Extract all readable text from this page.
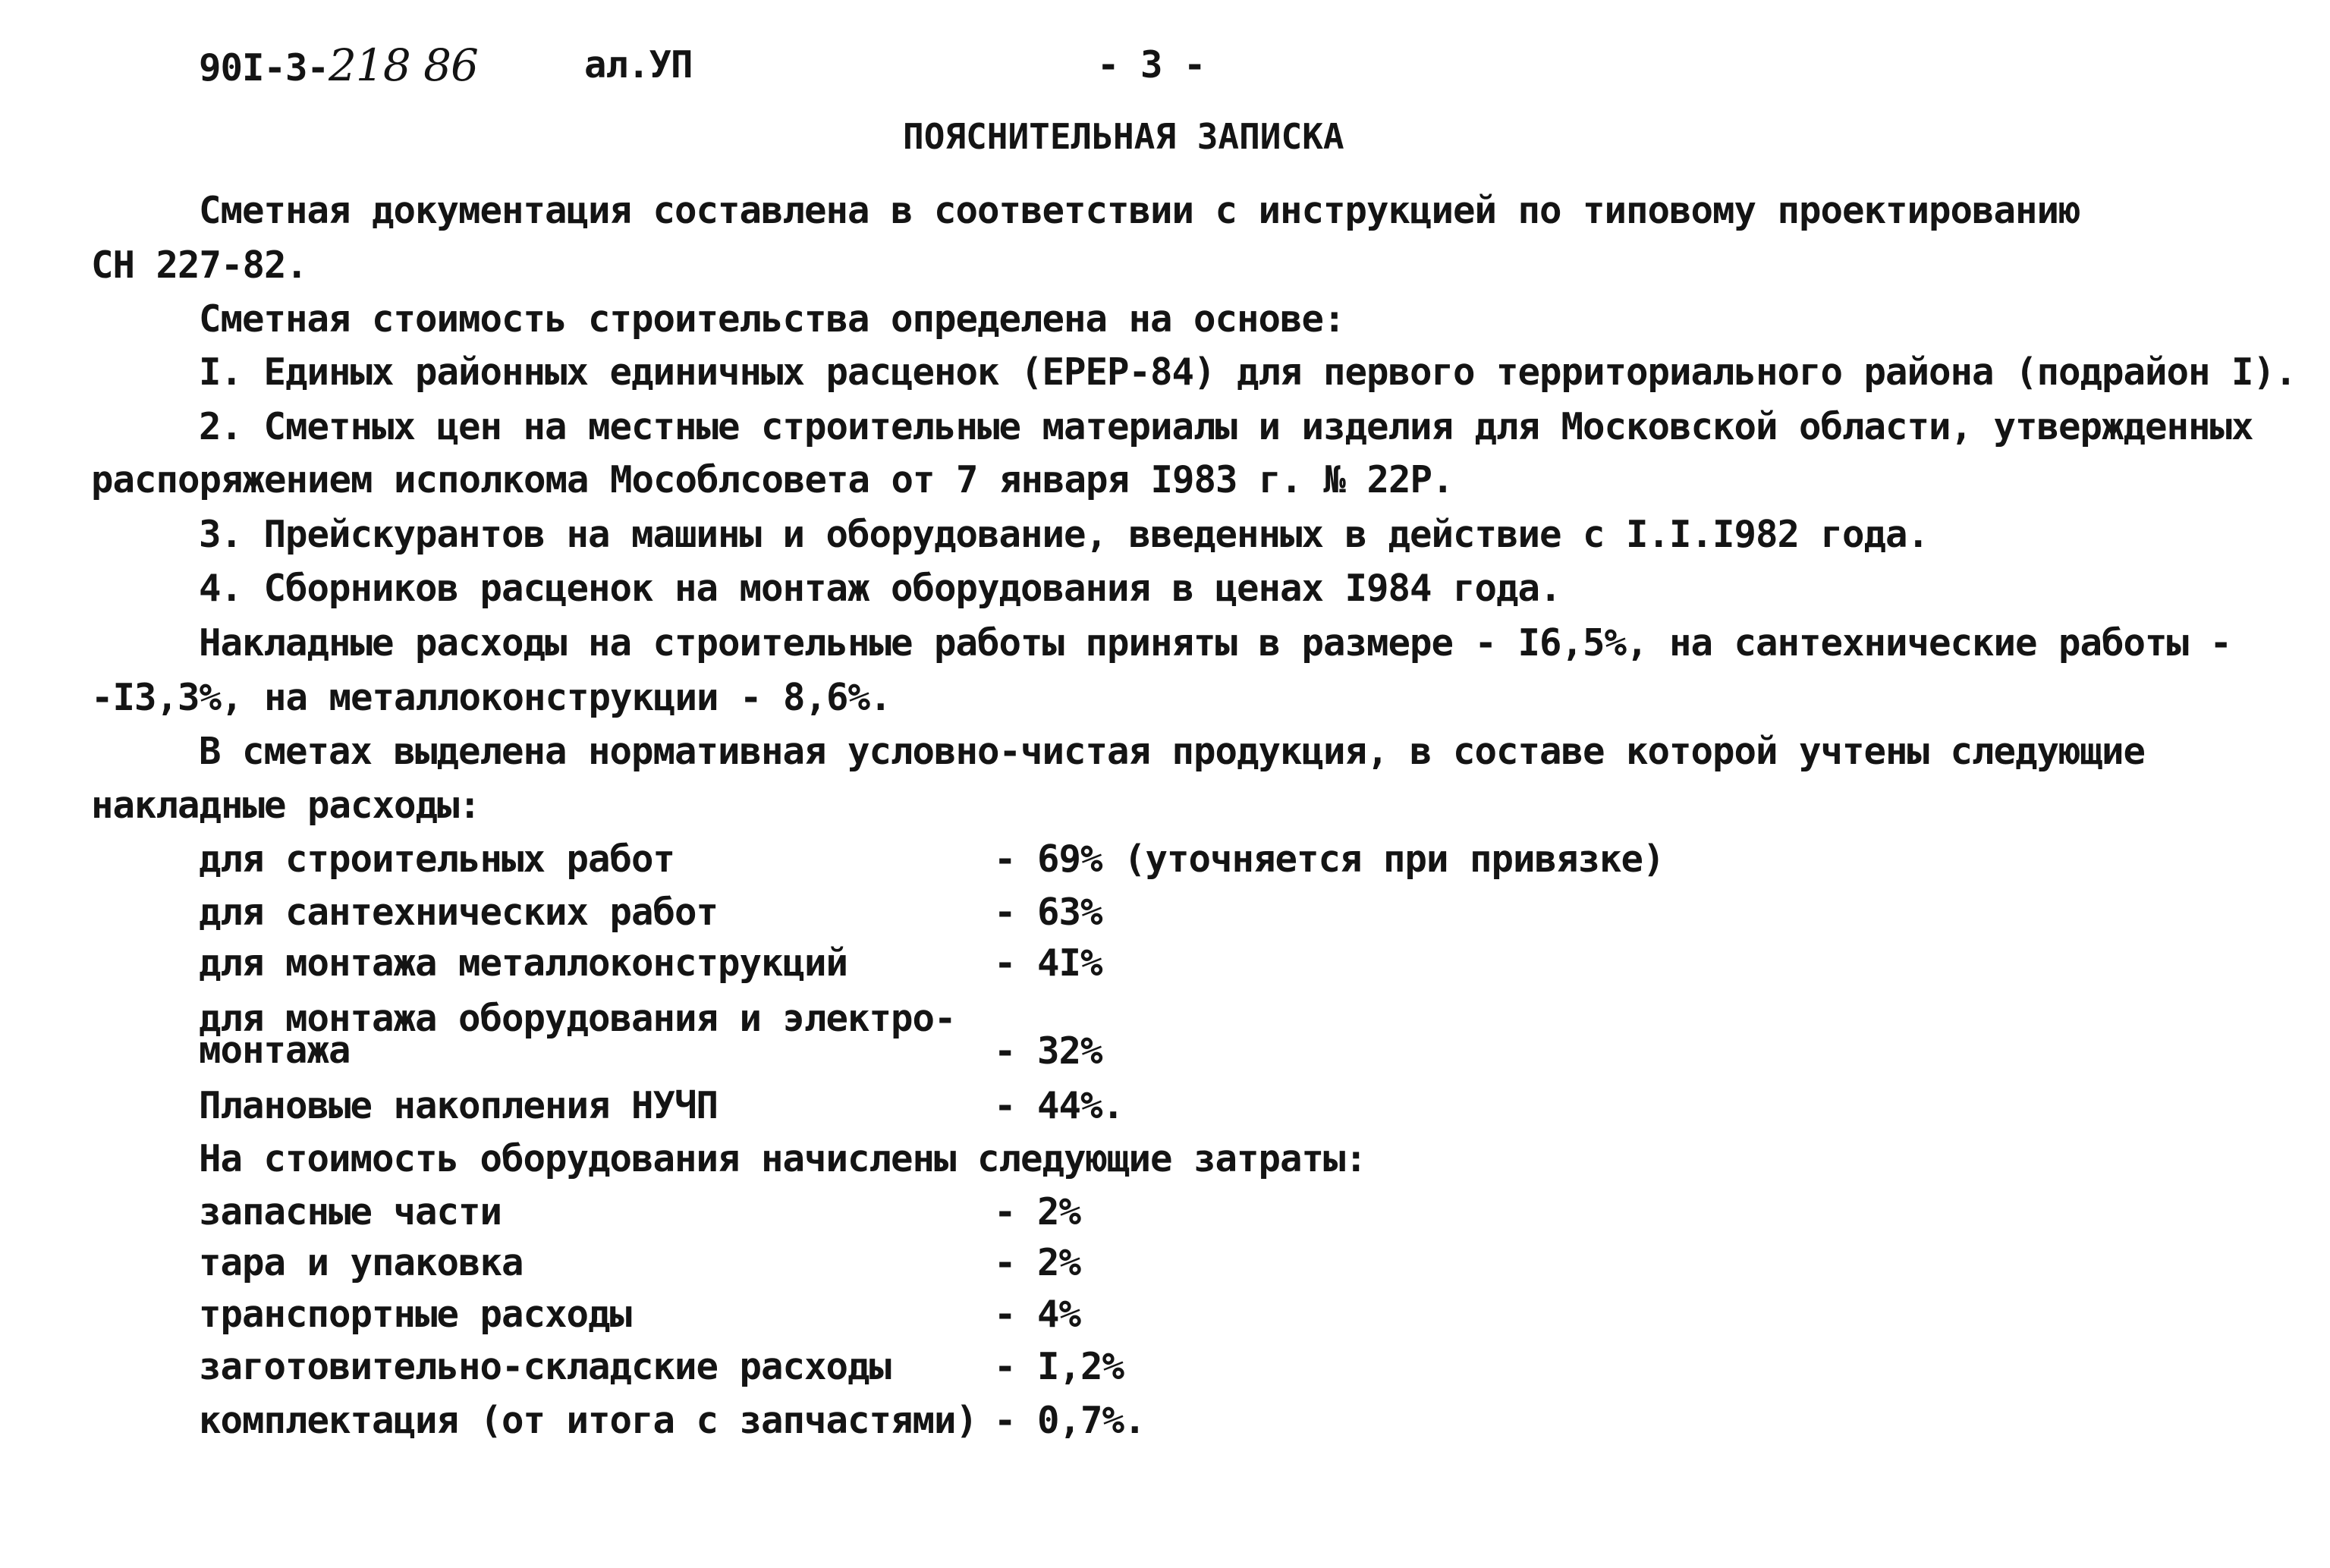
90I-3-218 86	ал.УП	- 3 -
ПОЯСНИТЕЛЬНАЯ ЗАПИСКА
Сметная документация составлена в соответствии с инструкцией по типовому проектированию
СН 227-82.
Сметная стоимость строительства определена на основе:
I. Единых районных единичных расценок (ЕРЕР-84) для первого территориального района (подрайон I).
2. Сметных цен на местные строительные материалы и изделия для Московской области, утвержденных
распоряжением исполкома Мособлсовета от 7 января I983 г. № 22Р.
3. Прейскурантов на машины и оборудование, введенных в действие с I.I.I982 года.
4. Сборников расценок на монтаж оборудования в ценах I984 года.
Накладные расходы на строительные работы приняты в размере - I6,5%, на сантехнические работы -
-I3,3%, на металлоконструкции - 8,6%.
В сметах выделена нормативная условно-чистая продукция, в составе которой учтены следующие
накладные расходы:
для строительных работ	- 69% (уточняется при привязке)
для сантехнических работ	- 63%
для монтажа металлоконструкций	- 4I%
для монтажа оборудования и электро-
монтажа	- 32%
Плановые накопления НУЧП	- 44%.
На стоимость оборудования начислены следующие затраты:
запасные части	- 2%
тара и упаковка	- 2%
транспортные расходы	- 4%
заготовительно-складские расходы	- I,2%
комплектация (от итога с запчастями) - 0,7%.
